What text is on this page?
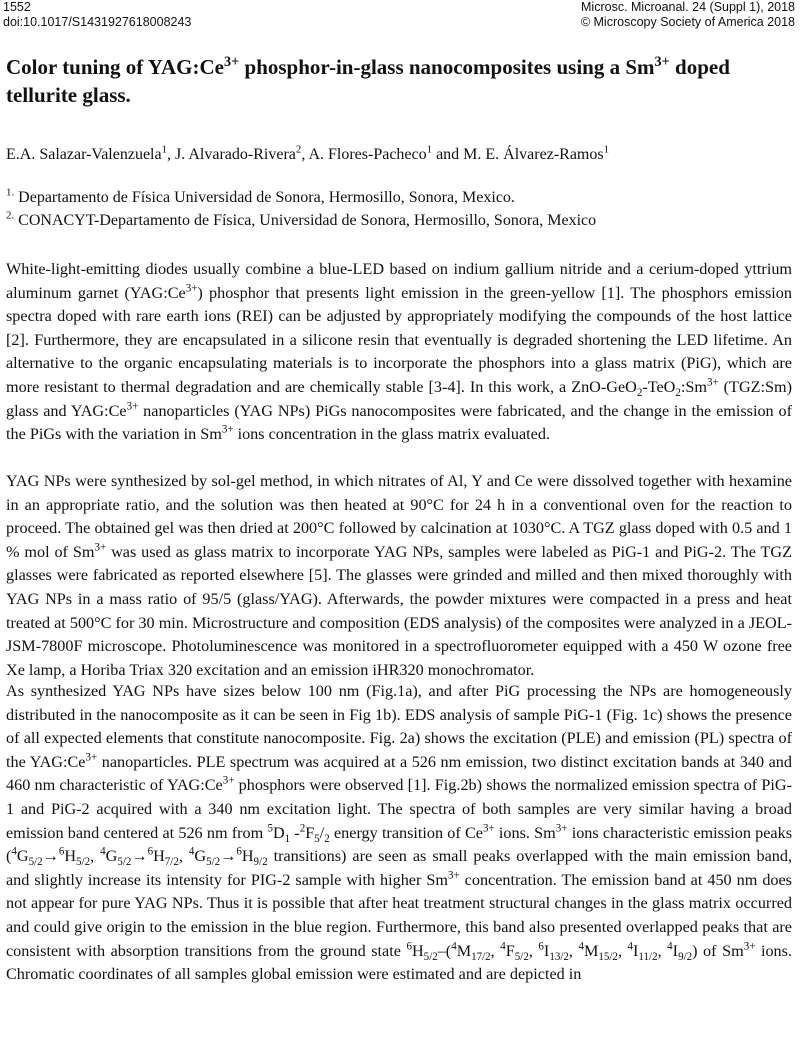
1552
doi:10.1017/S1431927618008243
Microsc. Microanal. 24 (Suppl 1), 2018
© Microscopy Society of America 2018
Color tuning of $YAG:Ce^{3+}$ phosphor-in-glass nanocomposites using a $Sm^{3+}$ doped tellurite glass.
E.A. Salazar-Valenzuela$^1$, J. Alvarado-Rivera$^2$, A. Flores-Pacheco$^1$ and M. E. Álvarez-Ramos$^1$
$^{1.}$ Departamento de Física Universidad de Sonora, Hermosillo, Sonora, Mexico.
$^{2.}$ CONACYT-Departamento de Física, Universidad de Sonora, Hermosillo, Sonora, Mexico

White-light-emitting diodes usually combine a blue-LED based on indium gallium nitride and a cerium-doped yttrium aluminum garnet $(YAG:Ce^{3+})$ phosphor that presents light emission in the green-yellow [1]. The phosphors emission spectra doped with rare earth ions (REI) can be adjusted by appropriately modifying the compounds of the host lattice [2]. Furthermore, they are encapsulated in a silicone resin that eventually is degraded shortening the LED lifetime. An alternative to the organic encapsulating materials is to incorporate the phosphors into a glass matrix (PiG), which are more resistant to thermal degradation and are chemically stable [3-4]. In this work, a ZnO-$GeO_2-TeO_2:Sm^{3+}$ (TGZ:Sm) glass and $YAG:Ce^{3+}$ nanoparticles (YAG NPs) PiGs nanocomposites were fabricated, and the change in the emission of the PiGs with the variation in $Sm^{3+}$ ions concentration in the glass matrix evaluated.

YAG NPs were synthesized by sol-gel method, in which nitrates of Al, Y and Ce were dissolved together with hexamine in an appropriate ratio, and the solution was then heated at 90°C for 24 h in a conventional oven for the reaction to proceed. The obtained gel was then dried at 200°C followed by calcination at 1030°C. A TGZ glass doped with 0.5 and 1 % mol of $Sm^{3+}$ was used as glass matrix to incorporate YAG NPs, samples were labeled as PiG-1 and PiG-2. The TGZ glasses were fabricated as reported elsewhere [5]. The glasses were grinded and milled and then mixed thoroughly with YAG NPs in a mass ratio of 95/5 (glass/YAG). Afterwards, the powder mixtures were compacted in a press and heat treated at 500°C for 30 min. Microstructure and composition (EDS analysis) of the composites were analyzed in a JEOL-JSM-7800F microscope. Photoluminescence was monitored in a spectrofluorometer equipped with a 450 W ozone free Xe lamp, a Horiba Triax 320 excitation and an emission iHR320 monochromator.

As synthesized YAG NPs have sizes below 100 nm (Fig.1a), and after PiG processing the NPs are homogeneously distributed in the nanocomposite as it can be seen in Fig 1b). EDS analysis of sample PiG-1 (Fig. 1c) shows the presence of all expected elements that constitute nanocomposite. Fig. 2a) shows the excitation (PLE) and emission (PL) spectra of the $YAG:Ce^{3+}$ nanoparticles. PLE spectrum was acquired at a 526 nm emission, two distinct excitation bands at 340 and 460 nm characteristic of $YAG:Ce^{3+}$ phosphors were observed [1]. Fig.2b) shows the normalized emission spectra of PiG-1 and PiG-2 acquired with a 340 nm excitation light. The spectra of both samples are very similar having a broad emission band centered at 526 nm from $^5D_1$ $-^2F_5/_2$ energy transition of $Ce^{3+}$ ions. $Sm^{3+}$ ions characteristic emission peaks ($^4G_{5/2}\to^6H_{5/2}$, $^4G_{5/2}\to^6H_{7/2}$, $^4G_{5/2}\to^6H_{9/2}$ transitions) are seen as small peaks overlapped with the main emission band, and slightly increase its intensity for PIG-2 sample with higher $Sm^{3+}$ concentration. The emission band at 450 nm does not appear for pure YAG NPs. Thus it is possible that after heat treatment structural changes in the glass matrix occurred and could give origin to the emission in the blue region. Furthermore, this band also presented overlapped peaks that are consistent with absorption transitions from the ground state $^6H_{5/2}-(^4M_{17/2}$, $^4F_{5/2}$, $^6I_{13/2}$, $^4M_{15/2}$, $^4I_{11/2}$, $^4I_{9/2}$) of $Sm^{3+}$ ions. Chromatic coordinates of all samples global emission were estimated and are depicted in
